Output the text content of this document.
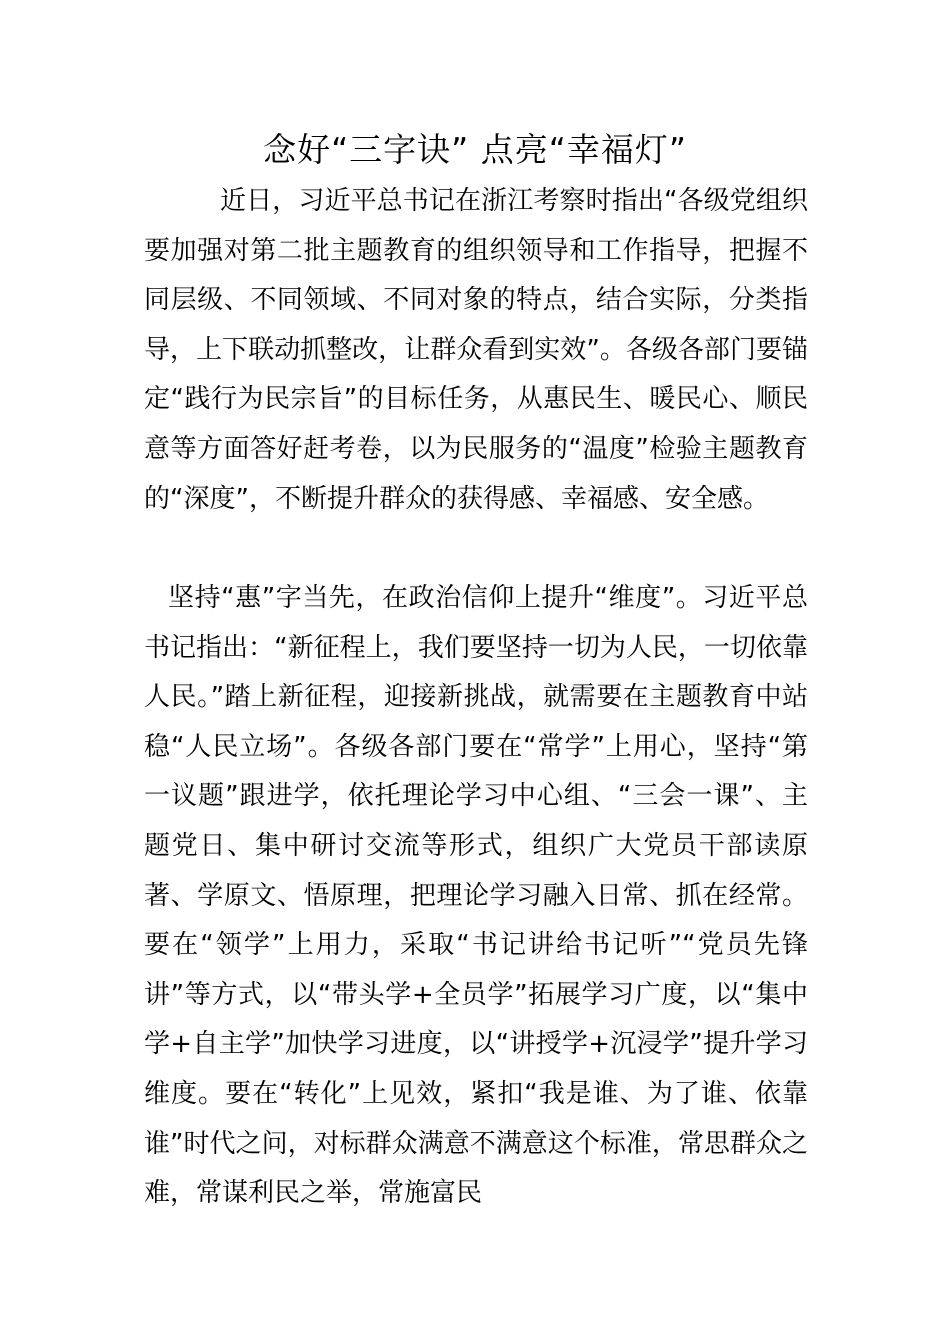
念好“三字诀” 点亮“幸福灯”

近日，习近平总书记在浙江考察时指出“各级党组织要加强对第二批主题教育的组织领导和工作指导，把握不同层级、不同领域、不同对象的特点，结合实际，分类指导，上下联动抓整改，让群众看到实效”。各级各部门要锚定“践行为民宗旨”的目标任务，从惠民生、暖民心、顺民意等方面答好赶考卷，以为民服务的“温度”检验主题教育的“深度”，不断提升群众的获得感、幸福感、安全感。

坚持“惠”字当先，在政治信仰上提升“维度”。习近平总书记指出：“新征程上，我们要坚持一切为人民，一切依靠人民。”踏上新征程，迎接新挑战，就需要在主题教育中站稳“人民立场”。各级各部门要在“常学”上用心，坚持“第一议题”跟进学，依托理论学习中心组、“三会一课”、主题党日、集中研讨交流等形式，组织广大党员干部读原著、学原文、悟原理，把理论学习融入日常、抓在经常。要在“领学”上用力，采取“书记讲给书记听”“党员先锋讲”等方式，以“带头学+全员学”拓展学习广度，以“集中学+自主学”加快学习进度，以“讲授学+沉浸学”提升学习维度。要在“转化”上见效，紧扣“我是谁、为了谁、依靠谁”时代之问，对标群众满意不满意这个标准，常思群众之难，常谋利民之举，常施富民
